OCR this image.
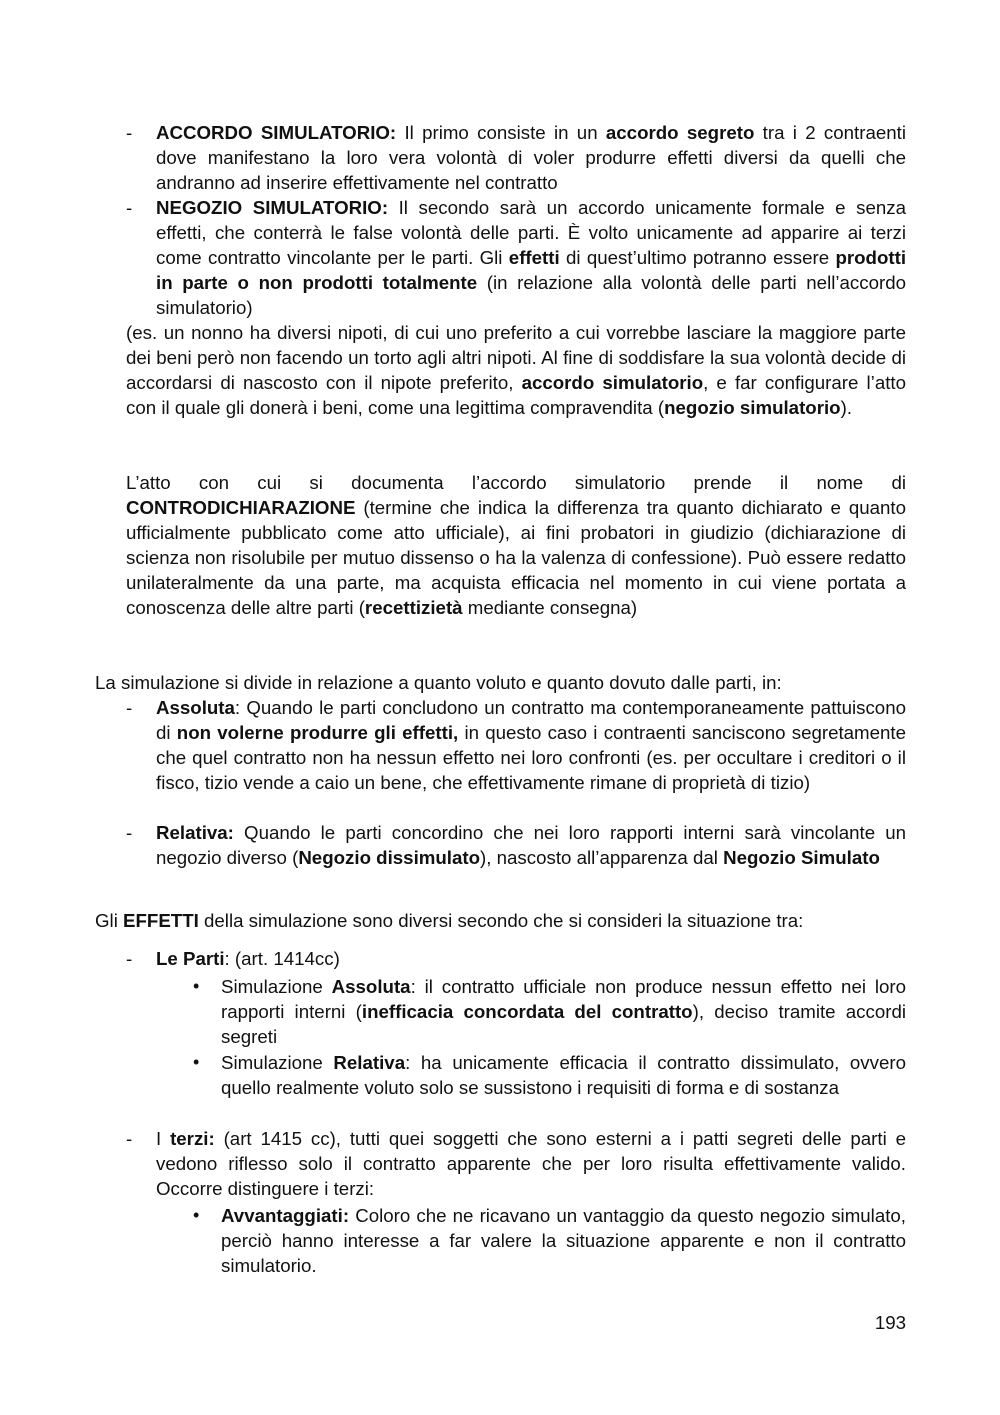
- ACCORDO SIMULATORIO: Il primo consiste in un accordo segreto tra i 2 contraenti dove manifestano la loro vera volontà di voler produrre effetti diversi da quelli che andranno ad inserire effettivamente nel contratto

- NEGOZIO SIMULATORIO: Il secondo sarà un accordo unicamente formale e senza effetti, che conterrà le false volontà delle parti. È volto unicamente ad apparire ai terzi come contratto vincolante per le parti. Gli effetti di quest’ultimo potranno essere prodotti in parte o non prodotti totalmente (in relazione alla volontà delle parti nell’accordo simulatorio)

(es. un nonno ha diversi nipoti, di cui uno preferito a cui vorrebbe lasciare la maggiore parte dei beni però non facendo un torto agli altri nipoti. Al fine di soddisfare la sua volontà decide di accordarsi di nascosto con il nipote preferito, accordo simulatorio, e far configurare l’atto con il quale gli donerà i beni, come una legittima compravendita (negozio simulatorio).

L’atto con cui si documenta l’accordo simulatorio prende il nome di CONTRODICHIARAZIONE (termine che indica la differenza tra quanto dichiarato e quanto ufficialmente pubblicato come atto ufficiale), ai fini probatori in giudizio (dichiarazione di scienza non risolubile per mutuo dissenso o ha la valenza di confessione). Può essere redatto unilateralmente da una parte, ma acquista efficacia nel momento in cui viene portata a conoscenza delle altre parti (recettizietà mediante consegna)

La simulazione si divide in relazione a quanto voluto e quanto dovuto dalle parti, in:

- Assoluta: Quando le parti concludono un contratto ma contemporaneamente pattuiscono di non volerne produrre gli effetti, in questo caso i contraenti sanciscono segretamente che quel contratto non ha nessun effetto nei loro confronti (es. per occultare i creditori o il fisco, tizio vende a caio un bene, che effettivamente rimane di proprietà di tizio)

- Relativa: Quando le parti concordino che nei loro rapporti interni sarà vincolante un negozio diverso (Negozio dissimulato), nascosto all’apparenza dal Negozio Simulato

Gli EFFETTI della simulazione sono diversi secondo che si consideri la situazione tra:

- Le Parti: (art. 1414cc)

• Simulazione Assoluta: il contratto ufficiale non produce nessun effetto nei loro rapporti interni (inefficacia concordata del contratto), deciso tramite accordi segreti

• Simulazione Relativa: ha unicamente efficacia il contratto dissimulato, ovvero quello realmente voluto solo se sussistono i requisiti di forma e di sostanza

- I terzi: (art 1415 cc), tutti quei soggetti che sono esterni a i patti segreti delle parti e vedono riflesso solo il contratto apparente che per loro risulta effettivamente valido. Occorre distinguere i terzi:

• Avvantaggiati: Coloro che ne ricavano un vantaggio da questo negozio simulato, perciò hanno interesse a far valere la situazione apparente e non il contratto simulatorio.

193
